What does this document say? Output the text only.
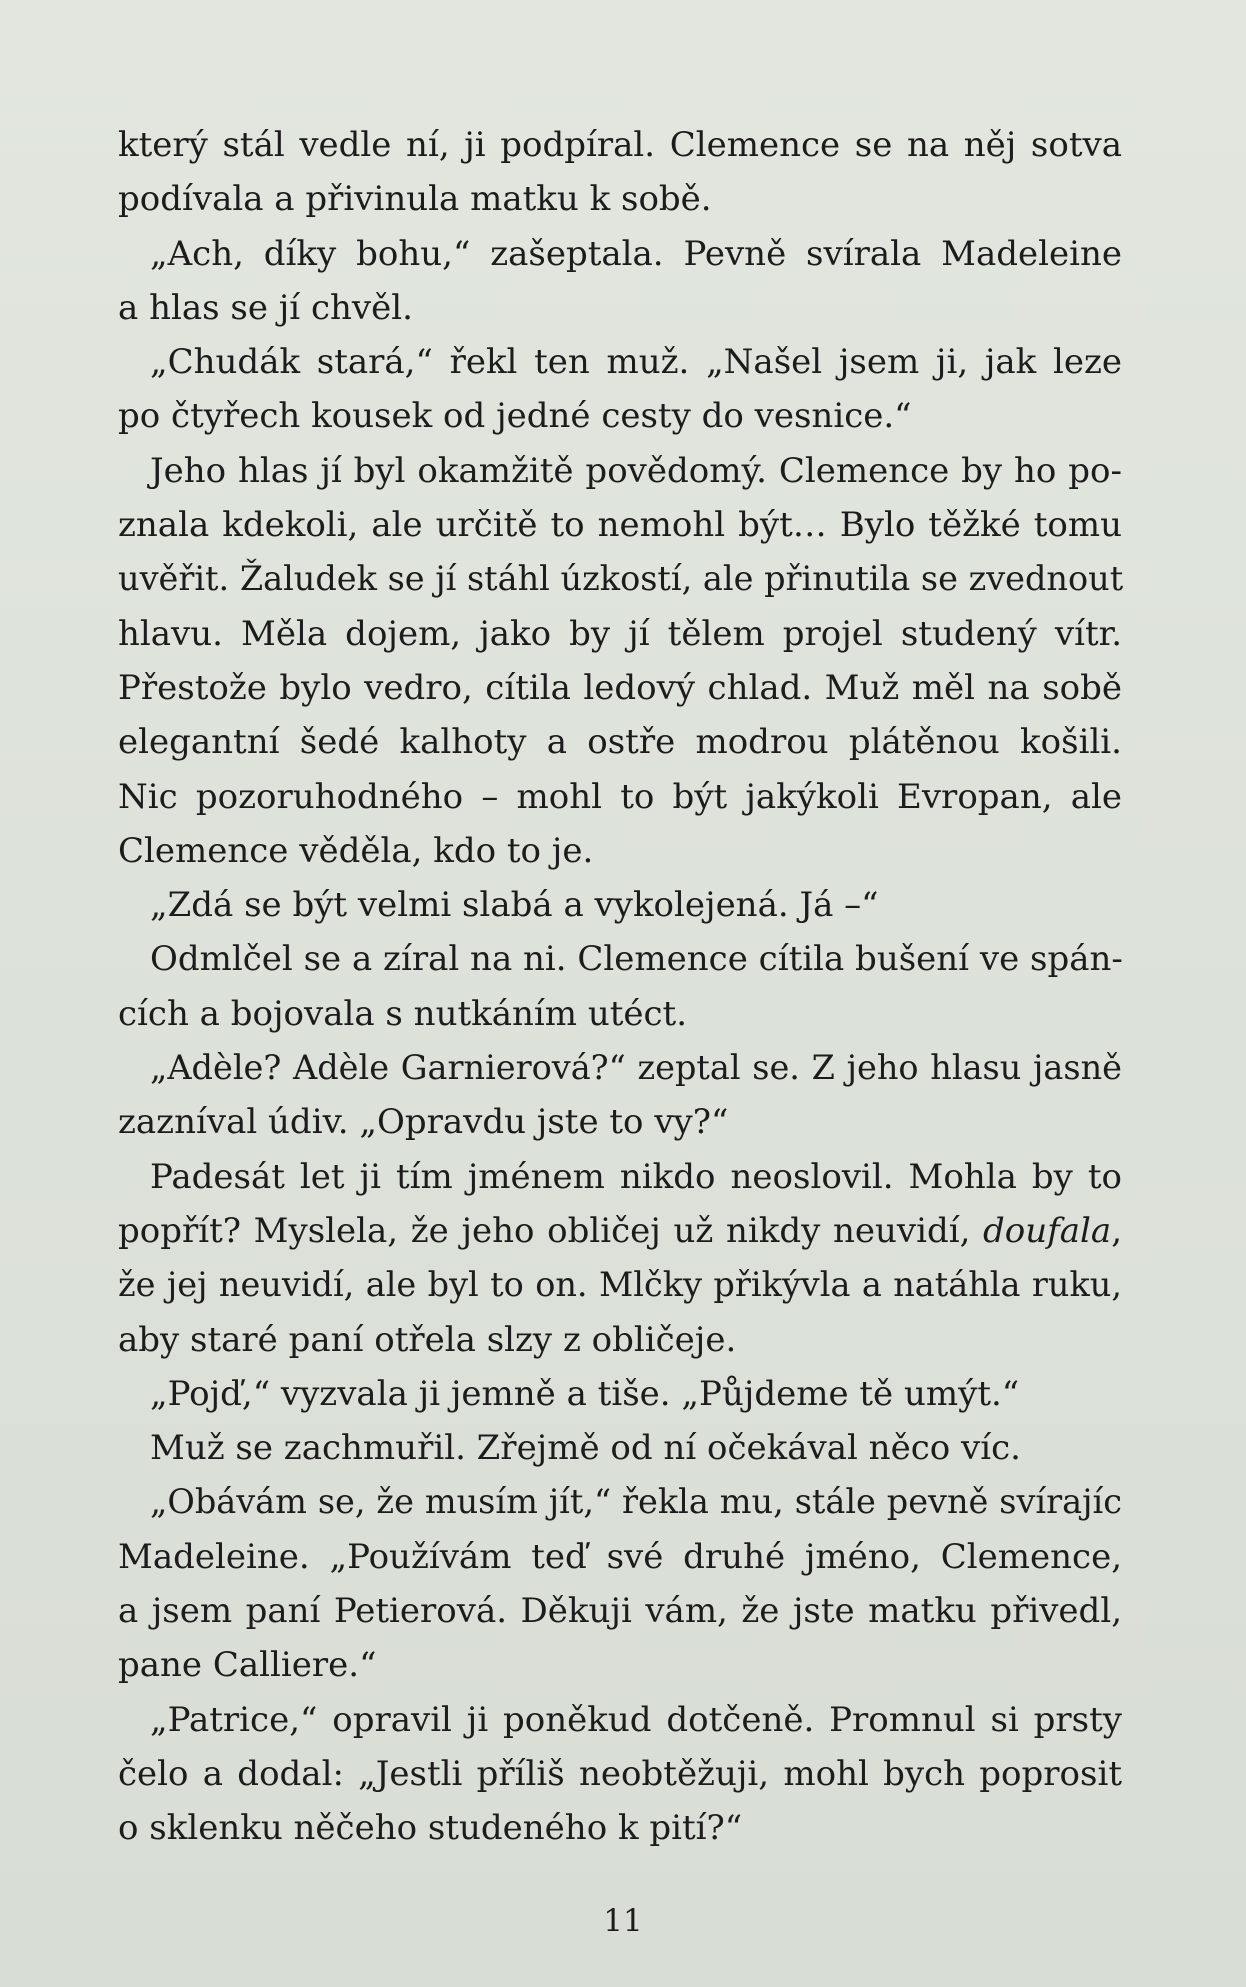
který stál vedle ní, ji podpíral. Clemence se na něj sotva
podívala a přivinula matku k sobě.
„Ach, díky bohu,“ zašeptala. Pevně svírala Madeleine
a hlas se jí chvěl.
„Chudák stará,“ řekl ten muž. „Našel jsem ji, jak leze
po čtyřech kousek od jedné cesty do vesnice.“
Jeho hlas jí byl okamžitě povědomý. Clemence by ho po-
znala kdekoli, ale určitě to nemohl být… Bylo těžké tomu
uvěřit. Žaludek se jí stáhl úzkostí, ale přinutila se zvednout
hlavu. Měla dojem, jako by jí tělem projel studený vítr.
Přestože bylo vedro, cítila ledový chlad. Muž měl na sobě
elegantní šedé kalhoty a ostře modrou plátěnou košili.
Nic pozoruhodného – mohl to být jakýkoli Evropan, ale
Clemence věděla, kdo to je.
„Zdá se být velmi slabá a vykolejená. Já –“
Odmlčel se a zíral na ni. Clemence cítila bušení ve spán-
cích a bojovala s nutkáním utéct.
„Adèle? Adèle Garnierová?“ zeptal se. Z jeho hlasu jasně
zazníval údiv. „Opravdu jste to vy?“
Padesát let ji tím jménem nikdo neoslovil. Mohla by to
popřít? Myslela, že jeho obličej už nikdy neuvidí, doufala,
že jej neuvidí, ale byl to on. Mlčky přikývla a natáhla ruku,
aby staré paní otřela slzy z obličeje.
„Pojď,“ vyzvala ji jemně a tiše. „Půjdeme tě umýt.“
Muž se zachmuřil. Zřejmě od ní očekával něco víc.
„Obávám se, že musím jít,“ řekla mu, stále pevně svírajíc
Madeleine. „Používám teď své druhé jméno, Clemence,
a jsem paní Petierová. Děkuji vám, že jste matku přivedl,
pane Calliere.“
„Patrice,“ opravil ji poněkud dotčeně. Promnul si prsty
čelo a dodal: „Jestli příliš neobtěžuji, mohl bych poprosit
o sklenku něčeho studeného k pití?“
11
